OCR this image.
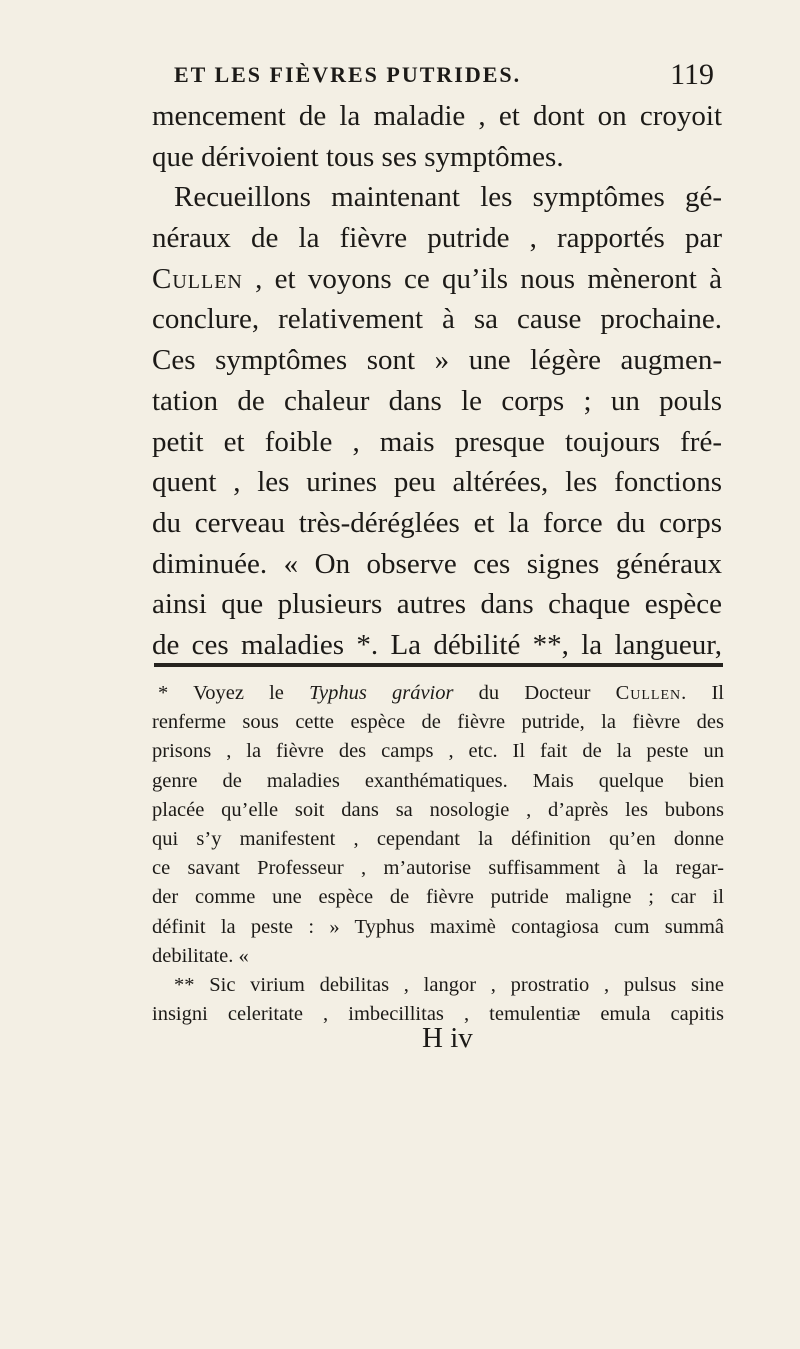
ET LES FIÈVRES PUTRIDES.	119
mencement de la maladie , et dont on croyoit
que dérivoient tous ses symptômes.
Recueillons maintenant les symptômes gé-
néraux de la fièvre putride , rapportés par
Cullen , et voyons ce qu’ils nous mèneront à
conclure, relativement à sa cause prochaine.
Ces symptômes sont » une légère augmen-
tation de chaleur dans le corps ; un pouls
petit et foible , mais presque toujours fré-
quent , les urines peu altérées, les fonctions
du cerveau très-déréglées et la force du corps
diminuée. « On observe ces signes généraux
ainsi que plusieurs autres dans chaque espèce
de ces maladies *. La débilité **, la langueur,
* Voyez le Typhus grávior du Docteur Cullen. Il
renferme sous cette espèce de fièvre putride, la fièvre des
prisons , la fièvre des camps , etc. Il fait de la peste un
genre de maladies exanthématiques. Mais quelque bien
placée qu’elle soit dans sa nosologie , d’après les bubons
qui s’y manifestent , cependant la définition qu’en donne
ce savant Professeur , m’autorise suffisamment à la regar-
der comme une espèce de fièvre putride maligne ; car il
définit la peste : » Typhus maximè contagiosa cum summâ
debilitate. «
** Sic virium debilitas , langor , prostratio , pulsus sine
insigni celeritate , imbecillitas , temulentiæ emula capitis
H iv
